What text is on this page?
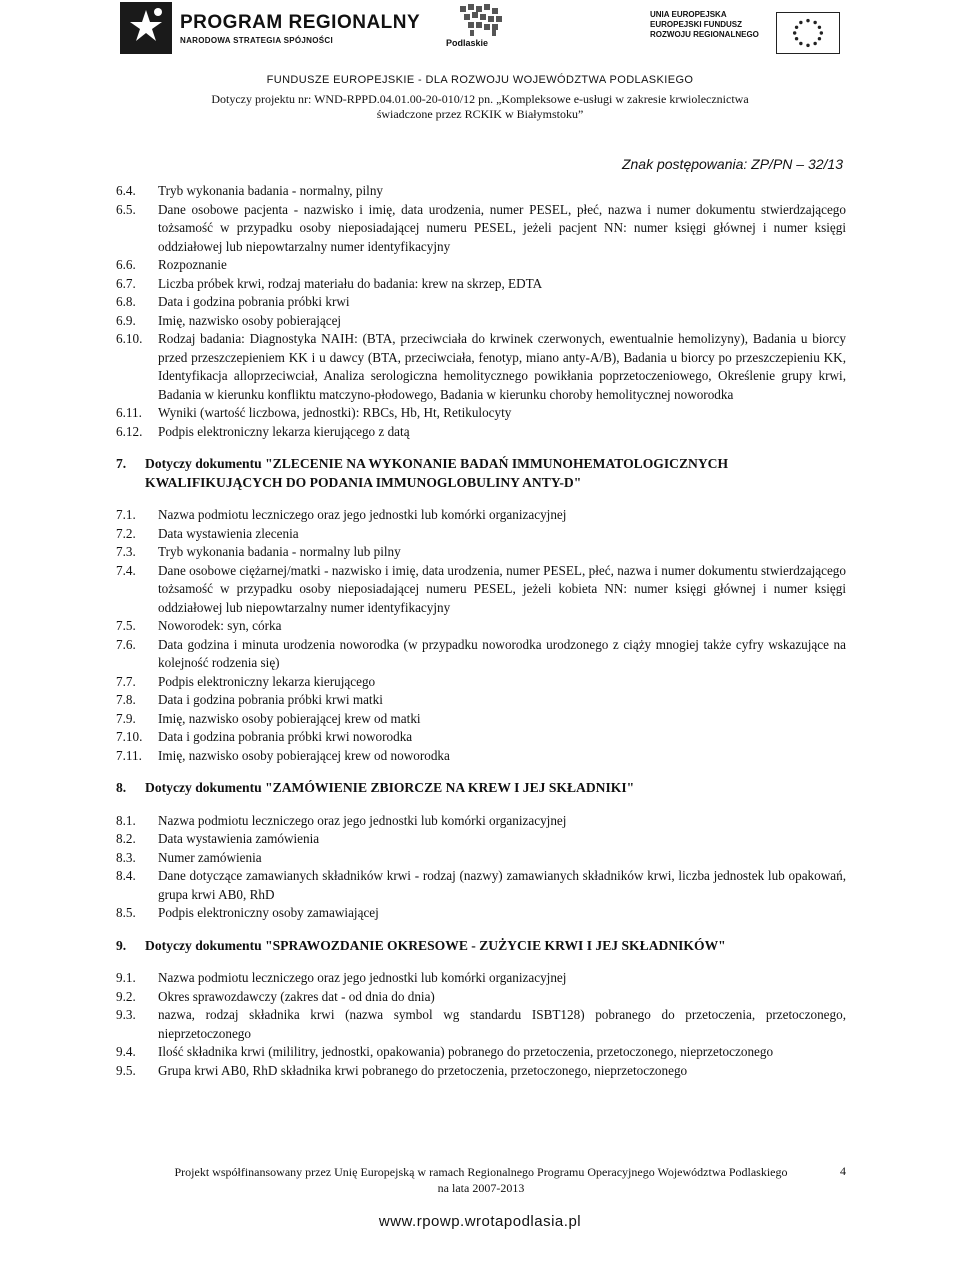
PROGRAM REGIONALNY
NARODOWA STRATEGIA SPÓJNOŚCI	Podlaskie
UNIA EUROPEJSKA
EUROPEJSKI FUNDUSZ
ROZWOJU REGIONALNEGO
FUNDUSZE EUROPEJSKIE - DLA ROZWOJU WOJEWÓDZTWA PODLASKIEGO
Dotyczy projektu nr: WND-RPPD.04.01.00-20-010/12 pn. „Kompleksowe e-usługi w zakresie krwiolecznictwa
świadczone przez RCKIK w Białymstoku”
Znak postępowania: ZP/PN – 32/13
6.4. Tryb wykonania badania - normalny, pilny
6.5. Dane osobowe pacjenta - nazwisko i imię, data urodzenia, numer PESEL, płeć, nazwa i numer dokumentu stwierdzającego tożsamość w przypadku osoby nieposiadającej numeru PESEL, jeżeli pacjent NN: numer księgi głównej i numer księgi oddziałowej lub niepowtarzalny numer identyfikacyjny
6.6. Rozpoznanie
6.7. Liczba próbek krwi, rodzaj materiału do badania: krew na skrzep, EDTA
6.8. Data i godzina pobrania próbki krwi
6.9. Imię, nazwisko osoby pobierającej
6.10. Rodzaj badania: Diagnostyka NAIH: (BTA, przeciwciała do krwinek czerwonych, ewentualnie hemolizyny), Badania u biorcy przed przeszczepieniem KK i u dawcy (BTA, przeciwciała, fenotyp, miano anty-A/B), Badania u biorcy po przeszczepieniu KK, Identyfikacja alloprzeciwciał, Analiza serologiczna hemolitycznego powikłania poprzetoczeniowego, Określenie grupy krwi, Badania w kierunku konfliktu matczyno-płodowego, Badania w kierunku choroby hemolitycznej noworodka
6.11. Wyniki (wartość liczbowa, jednostki): RBCs, Hb, Ht, Retikulocyty
6.12. Podpis elektroniczny lekarza kierującego z datą
7. Dotyczy dokumentu "ZLECENIE NA WYKONANIE BADAŃ IMMUNOHEMATOLOGICZNYCH KWALIFIKUJĄCYCH DO PODANIA IMMUNOGLOBULINY ANTY-D"
7.1. Nazwa podmiotu leczniczego oraz jego jednostki lub komórki organizacyjnej
7.2. Data wystawienia zlecenia
7.3. Tryb wykonania badania - normalny lub pilny
7.4. Dane osobowe ciężarnej/matki - nazwisko i imię, data urodzenia, numer PESEL, płeć, nazwa i numer dokumentu stwierdzającego tożsamość w przypadku osoby nieposiadającej numeru PESEL, jeżeli kobieta NN: numer księgi głównej i numer księgi oddziałowej lub niepowtarzalny numer identyfikacyjny
7.5. Noworodek: syn, córka
7.6. Data godzina i minuta urodzenia noworodka (w przypadku noworodka urodzonego z ciąży mnogiej także cyfry wskazujące na kolejność rodzenia się)
7.7. Podpis elektroniczny lekarza kierującego
7.8. Data i godzina pobrania próbki krwi matki
7.9. Imię, nazwisko osoby pobierającej krew od matki
7.10. Data i godzina pobrania próbki krwi noworodka
7.11. Imię, nazwisko osoby pobierającej krew od noworodka
8. Dotyczy dokumentu "ZAMÓWIENIE ZBIORCZE NA KREW I JEJ SKŁADNIKI"
8.1. Nazwa podmiotu leczniczego oraz jego jednostki lub komórki organizacyjnej
8.2. Data wystawienia zamówienia
8.3. Numer zamówienia
8.4. Dane dotyczące zamawianych składników krwi - rodzaj (nazwy) zamawianych składników krwi, liczba jednostek lub opakowań, grupa krwi AB0, RhD
8.5. Podpis elektroniczny osoby zamawiającej
9. Dotyczy dokumentu "SPRAWOZDANIE OKRESOWE - ZUŻYCIE KRWI I JEJ SKŁADNIKÓW"
9.1. Nazwa podmiotu leczniczego oraz jego jednostki lub komórki organizacyjnej
9.2. Okres sprawozdawczy (zakres dat - od dnia do dnia)
9.3. nazwa, rodzaj składnika krwi (nazwa symbol wg standardu ISBT128) pobranego do przetoczenia, przetoczonego, nieprzetoczonego
9.4. Ilość składnika krwi (mililitry, jednostki, opakowania) pobranego do przetoczenia, przetoczonego, nieprzetoczonego
9.5. Grupa krwi AB0, RhD składnika krwi pobranego do przetoczenia, przetoczonego, nieprzetoczonego
Projekt współfinansowany przez Unię Europejską w ramach Regionalnego Programu Operacyjnego Województwa Podlaskiego
na lata 2007-2013
4
www.rpowp.wrotapodlasia.pl
